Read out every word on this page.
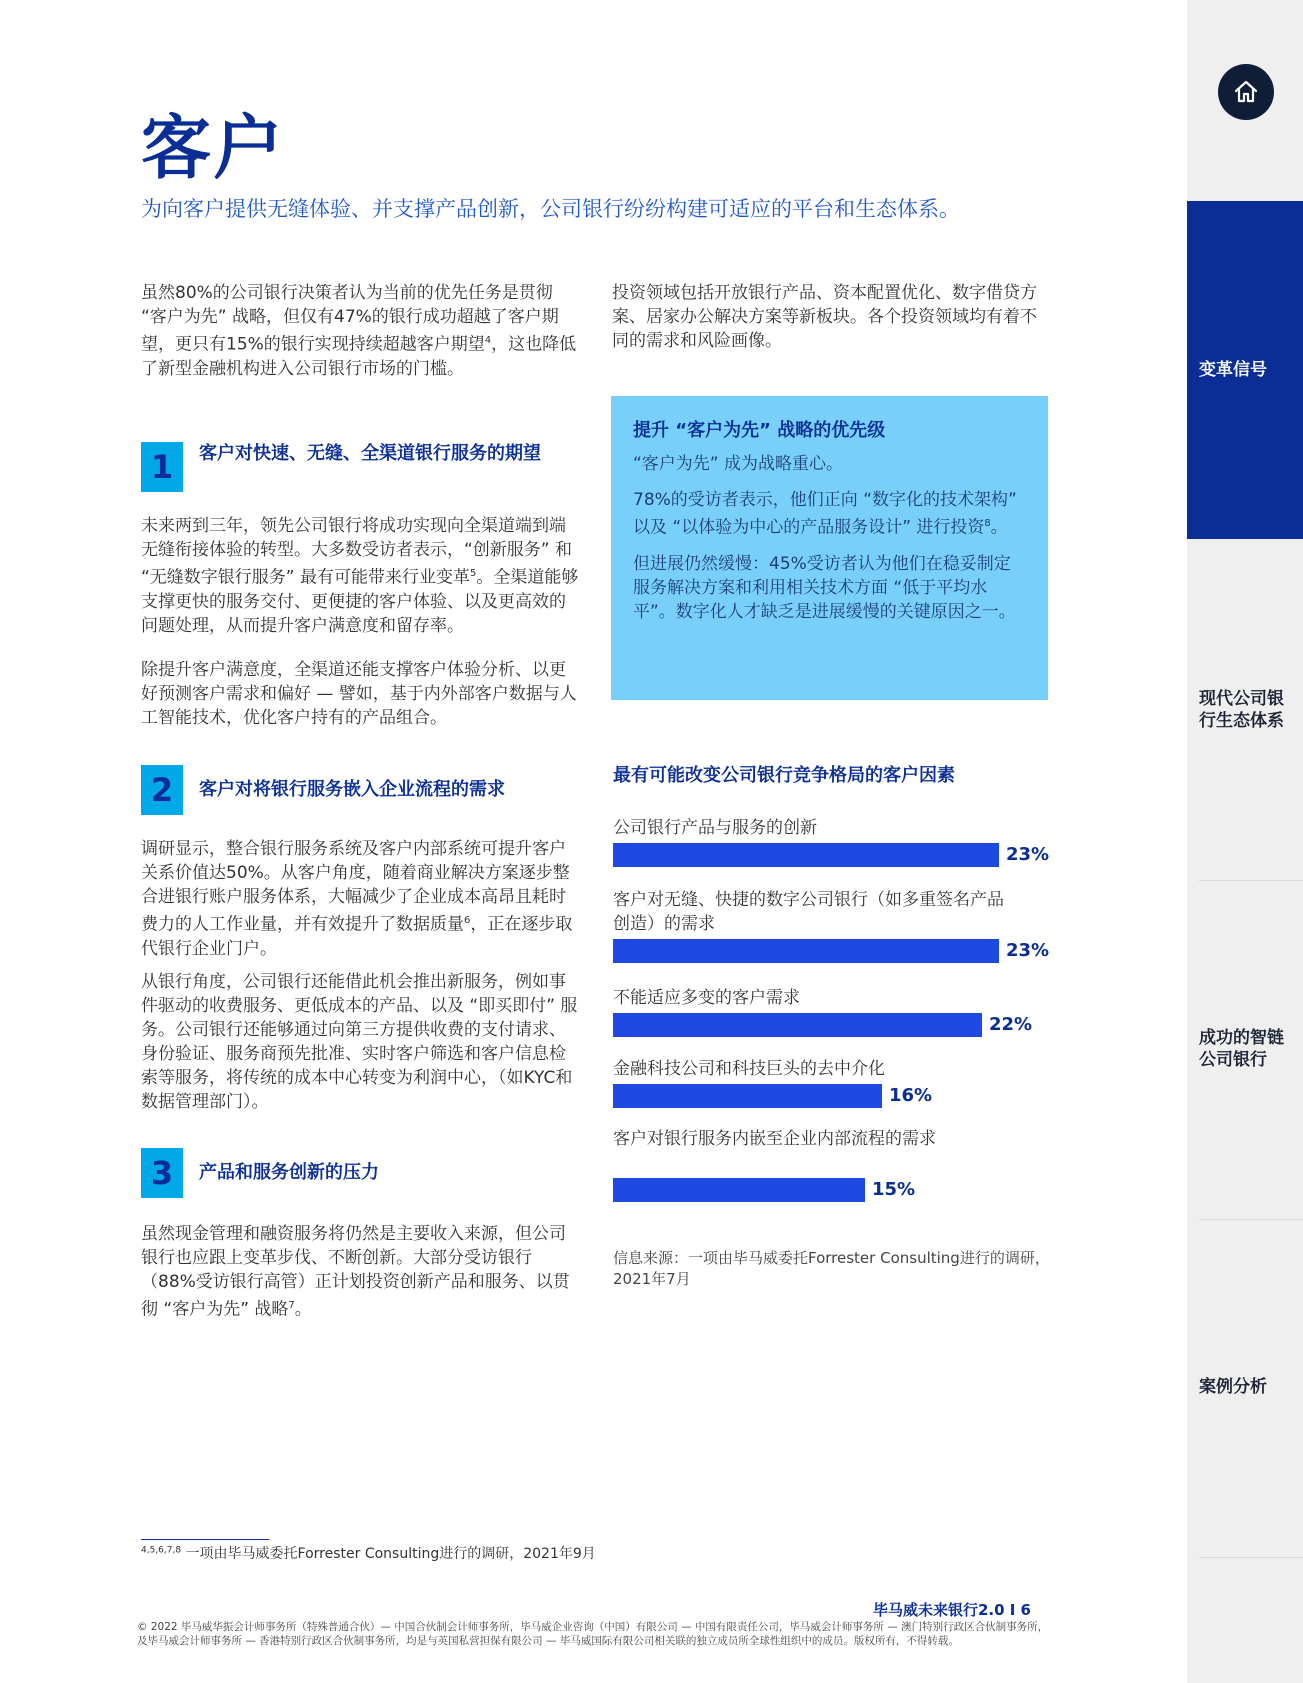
客户

为向客户提供无缝体验、并支撑产品创新，公司银行纷纷构建可适应的平台和生态体系。

虽然80%的公司银行决策者认为当前的优先任务是贯彻 “客户为先” 战略，但仅有47%的银行成功超越了客户期望，更只有15%的银行实现持续超越客户期望$^4$，这也降低了新型金融机构进入公司银行市场的门槛。

投资领域包括开放银行产品、资本配置优化、数字借贷方案、居家办公解决方案等新板块。各个投资领域均有着不同的需求和风险画像。

1	客户对快速、无缝、全渠道银行服务的期望

未来两到三年，领先公司银行将成功实现向全渠道端到端无缝衔接体验的转型。大多数受访者表示，“创新服务” 和 “无缝数字银行服务” 最有可能带来行业变革$^5$。全渠道能够支撑更快的服务交付、更便捷的客户体验、以及更高效的问题处理，从而提升客户满意度和留存率。

除提升客户满意度，全渠道还能支撑客户体验分析、以更好预测客户需求和偏好 — 譬如，基于内外部客户数据与人工智能技术，优化客户持有的产品组合。

2	客户对将银行服务嵌入企业流程的需求

调研显示，整合银行服务系统及客户内部系统可提升客户关系价值达50%。从客户角度，随着商业解决方案逐步整合进银行账户服务体系，大幅减少了企业成本高昂且耗时费力的人工作业量，并有效提升了数据质量$^6$，正在逐步取代银行企业门户。

从银行角度，公司银行还能借此机会推出新服务，例如事件驱动的收费服务、更低成本的产品、以及 “即买即付” 服务。公司银行还能够通过向第三方提供收费的支付请求、身份验证、服务商预先批准、实时客户筛选和客户信息检索等服务，将传统的成本中心转变为利润中心，（如KYC和数据管理部门）。

3	产品和服务创新的压力

虽然现金管理和融资服务将仍然是主要收入来源，但公司银行也应跟上变革步伐、不断创新。大部分受访银行（88%受访银行高管）正计划投资创新产品和服务、以贯彻 “客户为先” 战略$^7$。

提升 “客户为先” 战略的优先级

“客户为先” 成为战略重心。

78%的受访者表示，他们正向 “数字化的技术架构” 以及 “以体验为中心的产品服务设计” 进行投资$^8$。

但进展仍然缓慢：45%受访者认为他们在稳妥制定服务解决方案和利用相关技术方面 “低于平均水平”。数字化人才缺乏是进展缓慢的关键原因之一。

最有可能改变公司银行竞争格局的客户因素
公司银行产品与服务的创新
23%
客户对无缝、快捷的数字公司银行（如多重签名产品创造）的需求
23%
不能适应多变的客户需求
22%
金融科技公司和科技巨头的去中介化
16%
客户对银行服务内嵌至企业内部流程的需求
15%

信息来源：一项由毕马威委托Forrester Consulting进行的调研，2021年7月

$^{4,5,6,7,8}$ 一项由毕马威委托Forrester Consulting进行的调研，2021年9月

毕马威未来银行2.0 I 6

© 2022 毕马威华振会计师事务所（特殊普通合伙）— 中国合伙制会计师事务所，毕马威企业咨询（中国）有限公司 — 中国有限责任公司，毕马威会计师事务所 — 澳门特别行政区合伙制事务所，及毕马威会计师事务所 — 香港特别行政区合伙制事务所，均是与英国私营担保有限公司 — 毕马威国际有限公司相关联的独立成员所全球性组织中的成员。版权所有，不得转载。

变革信号
现代公司银行生态体系
成功的智链公司银行
案例分析
